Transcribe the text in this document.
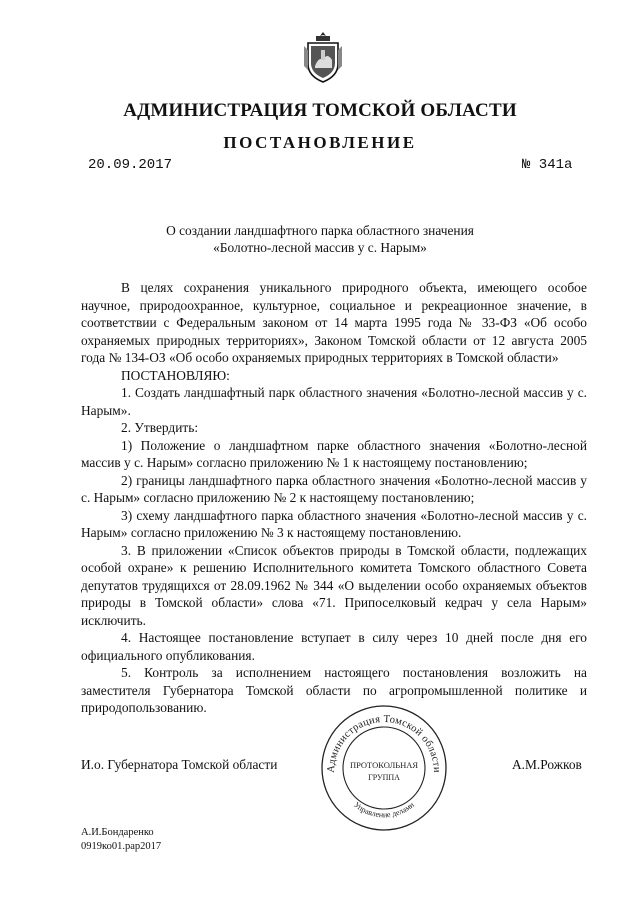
АДМИНИСТРАЦИЯ ТОМСКОЙ ОБЛАСТИ
ПОСТАНОВЛЕНИЕ
20.09.2017	№ 341а
О создании ландшафтного парка областного значения
«Болотно-лесной массив у с. Нарым»

В целях сохранения уникального природного объекта, имеющего особое научное, природоохранное, культурное, социальное и рекреационное значение, в соответствии с Федеральным законом от 14 марта 1995 года № 33-ФЗ «Об особо охраняемых природных территориях», Законом Томской области от 12 августа 2005 года № 134-ОЗ «Об особо охраняемых природных территориях в Томской области»

ПОСТАНОВЛЯЮ:

1. Создать ландшафтный парк областного значения «Болотно-лесной массив у с. Нарым».

2. Утвердить:

1) Положение о ландшафтном парке областного значения «Болотно-лесной массив у с. Нарым» согласно приложению № 1 к настоящему постановлению;

2) границы ландшафтного парка областного значения «Болотно-лесной массив у с. Нарым» согласно приложению № 2 к настоящему постановлению;

3) схему ландшафтного парка областного значения «Болотно-лесной массив у с. Нарым» согласно приложению № 3 к настоящему постановлению.

3. В приложении «Список объектов природы в Томской области, подлежащих особой охране» к решению Исполнительного комитета Томского областного Совета депутатов трудящихся от 28.09.1962 № 344 «О выделении особо охраняемых объектов природы в Томской области» слова «71. Припоселковый кедрач у села Нарым» исключить.

4. Настоящее постановление вступает в силу через 10 дней после дня его официального опубликования.

5. Контроль за исполнением настоящего постановления возложить на заместителя Губернатора Томской области по агропромышленной политике и природопользованию.

И.о. Губернатора Томской области	А.М.Рожков
Администрация Томской области
Управление делами
ПРОТОКОЛЬНАЯ
ГРУППА
А.И.Бондаренко
0919ко01.рар2017
